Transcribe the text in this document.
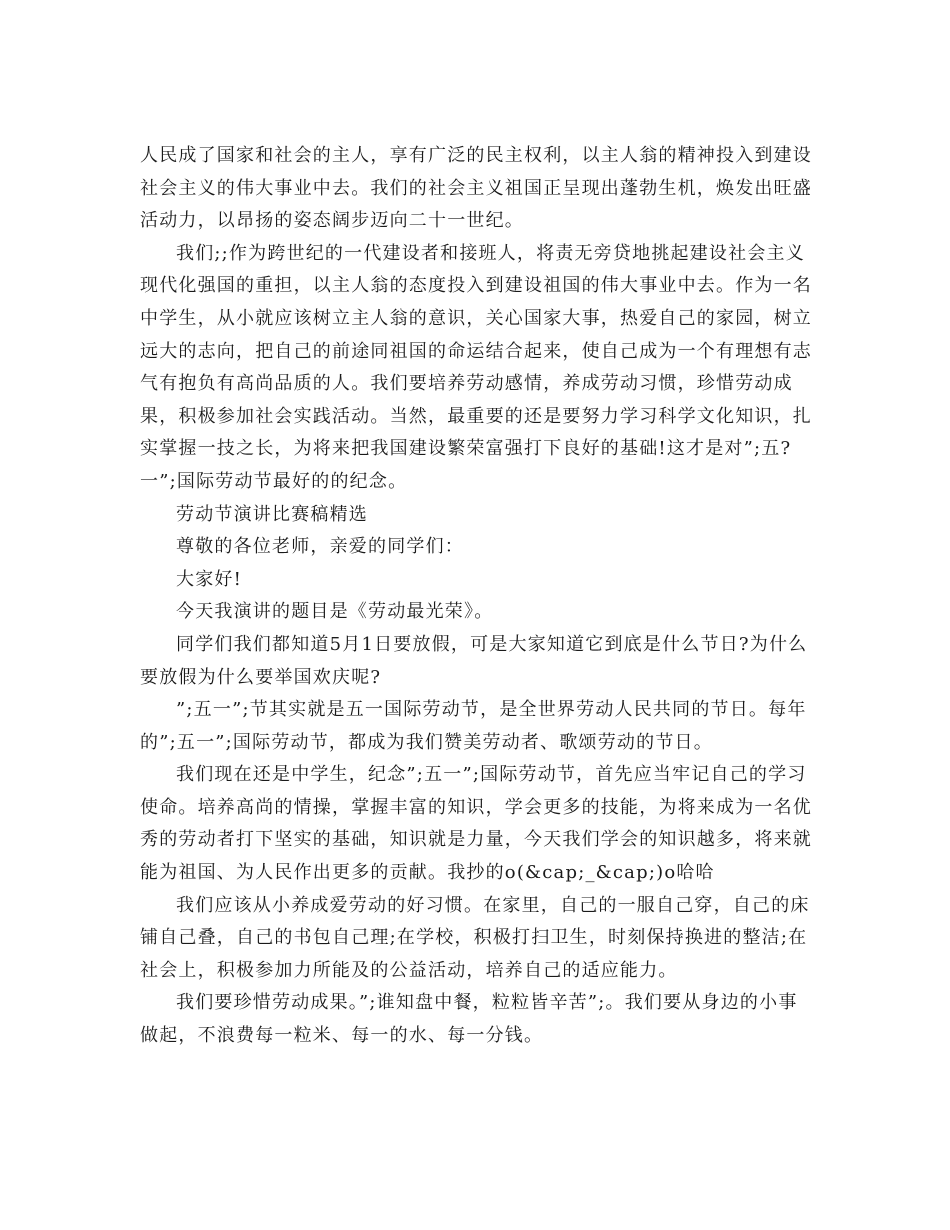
人民成了国家和社会的主人，享有广泛的民主权利，以主人翁的精神投入到建设社会主义的伟大事业中去。我们的社会主义祖国正呈现出蓬勃生机，焕发出旺盛活动力，以昂扬的姿态阔步迈向二十一世纪。

我们;;作为跨世纪的一代建设者和接班人，将责无旁贷地挑起建设社会主义现代化强国的重担，以主人翁的态度投入到建设祖国的伟大事业中去。作为一名中学生，从小就应该树立主人翁的意识，关心国家大事，热爱自己的家园，树立远大的志向，把自己的前途同祖国的命运结合起来，使自己成为一个有理想有志气有抱负有高尚品质的人。我们要培养劳动感情，养成劳动习惯，珍惜劳动成果，积极参加社会实践活动。当然，最重要的还是要努力学习科学文化知识，扎实掌握一技之长，为将来把我国建设繁荣富强打下良好的基础!这才是对”;五?一”;国际劳动节最好的的纪念。

劳动节演讲比赛稿精选

尊敬的各位老师，亲爱的同学们：

大家好!

今天我演讲的题目是《劳动最光荣》。

同学们我们都知道5月1日要放假，可是大家知道它到底是什么节日?为什么要放假为什么要举国欢庆呢?

”;五一”;节其实就是五一国际劳动节，是全世界劳动人民共同的节日。每年的”;五一”;国际劳动节，都成为我们赞美劳动者、歌颂劳动的节日。

我们现在还是中学生，纪念”;五一”;国际劳动节，首先应当牢记自己的学习使命。培养高尚的情操，掌握丰富的知识，学会更多的技能，为将来成为一名优秀的劳动者打下坚实的基础，知识就是力量，今天我们学会的知识越多，将来就能为祖国、为人民作出更多的贡献。我抄的o(&cap;_&cap;)o哈哈

我们应该从小养成爱劳动的好习惯。在家里，自己的一服自己穿，自己的床铺自己叠，自己的书包自己理;在学校，积极打扫卫生，时刻保持换进的整洁;在社会上，积极参加力所能及的公益活动，培养自己的适应能力。

我们要珍惜劳动成果。”;谁知盘中餐，粒粒皆辛苦”;。我们要从身边的小事做起，不浪费每一粒米、每一的水、每一分钱。
